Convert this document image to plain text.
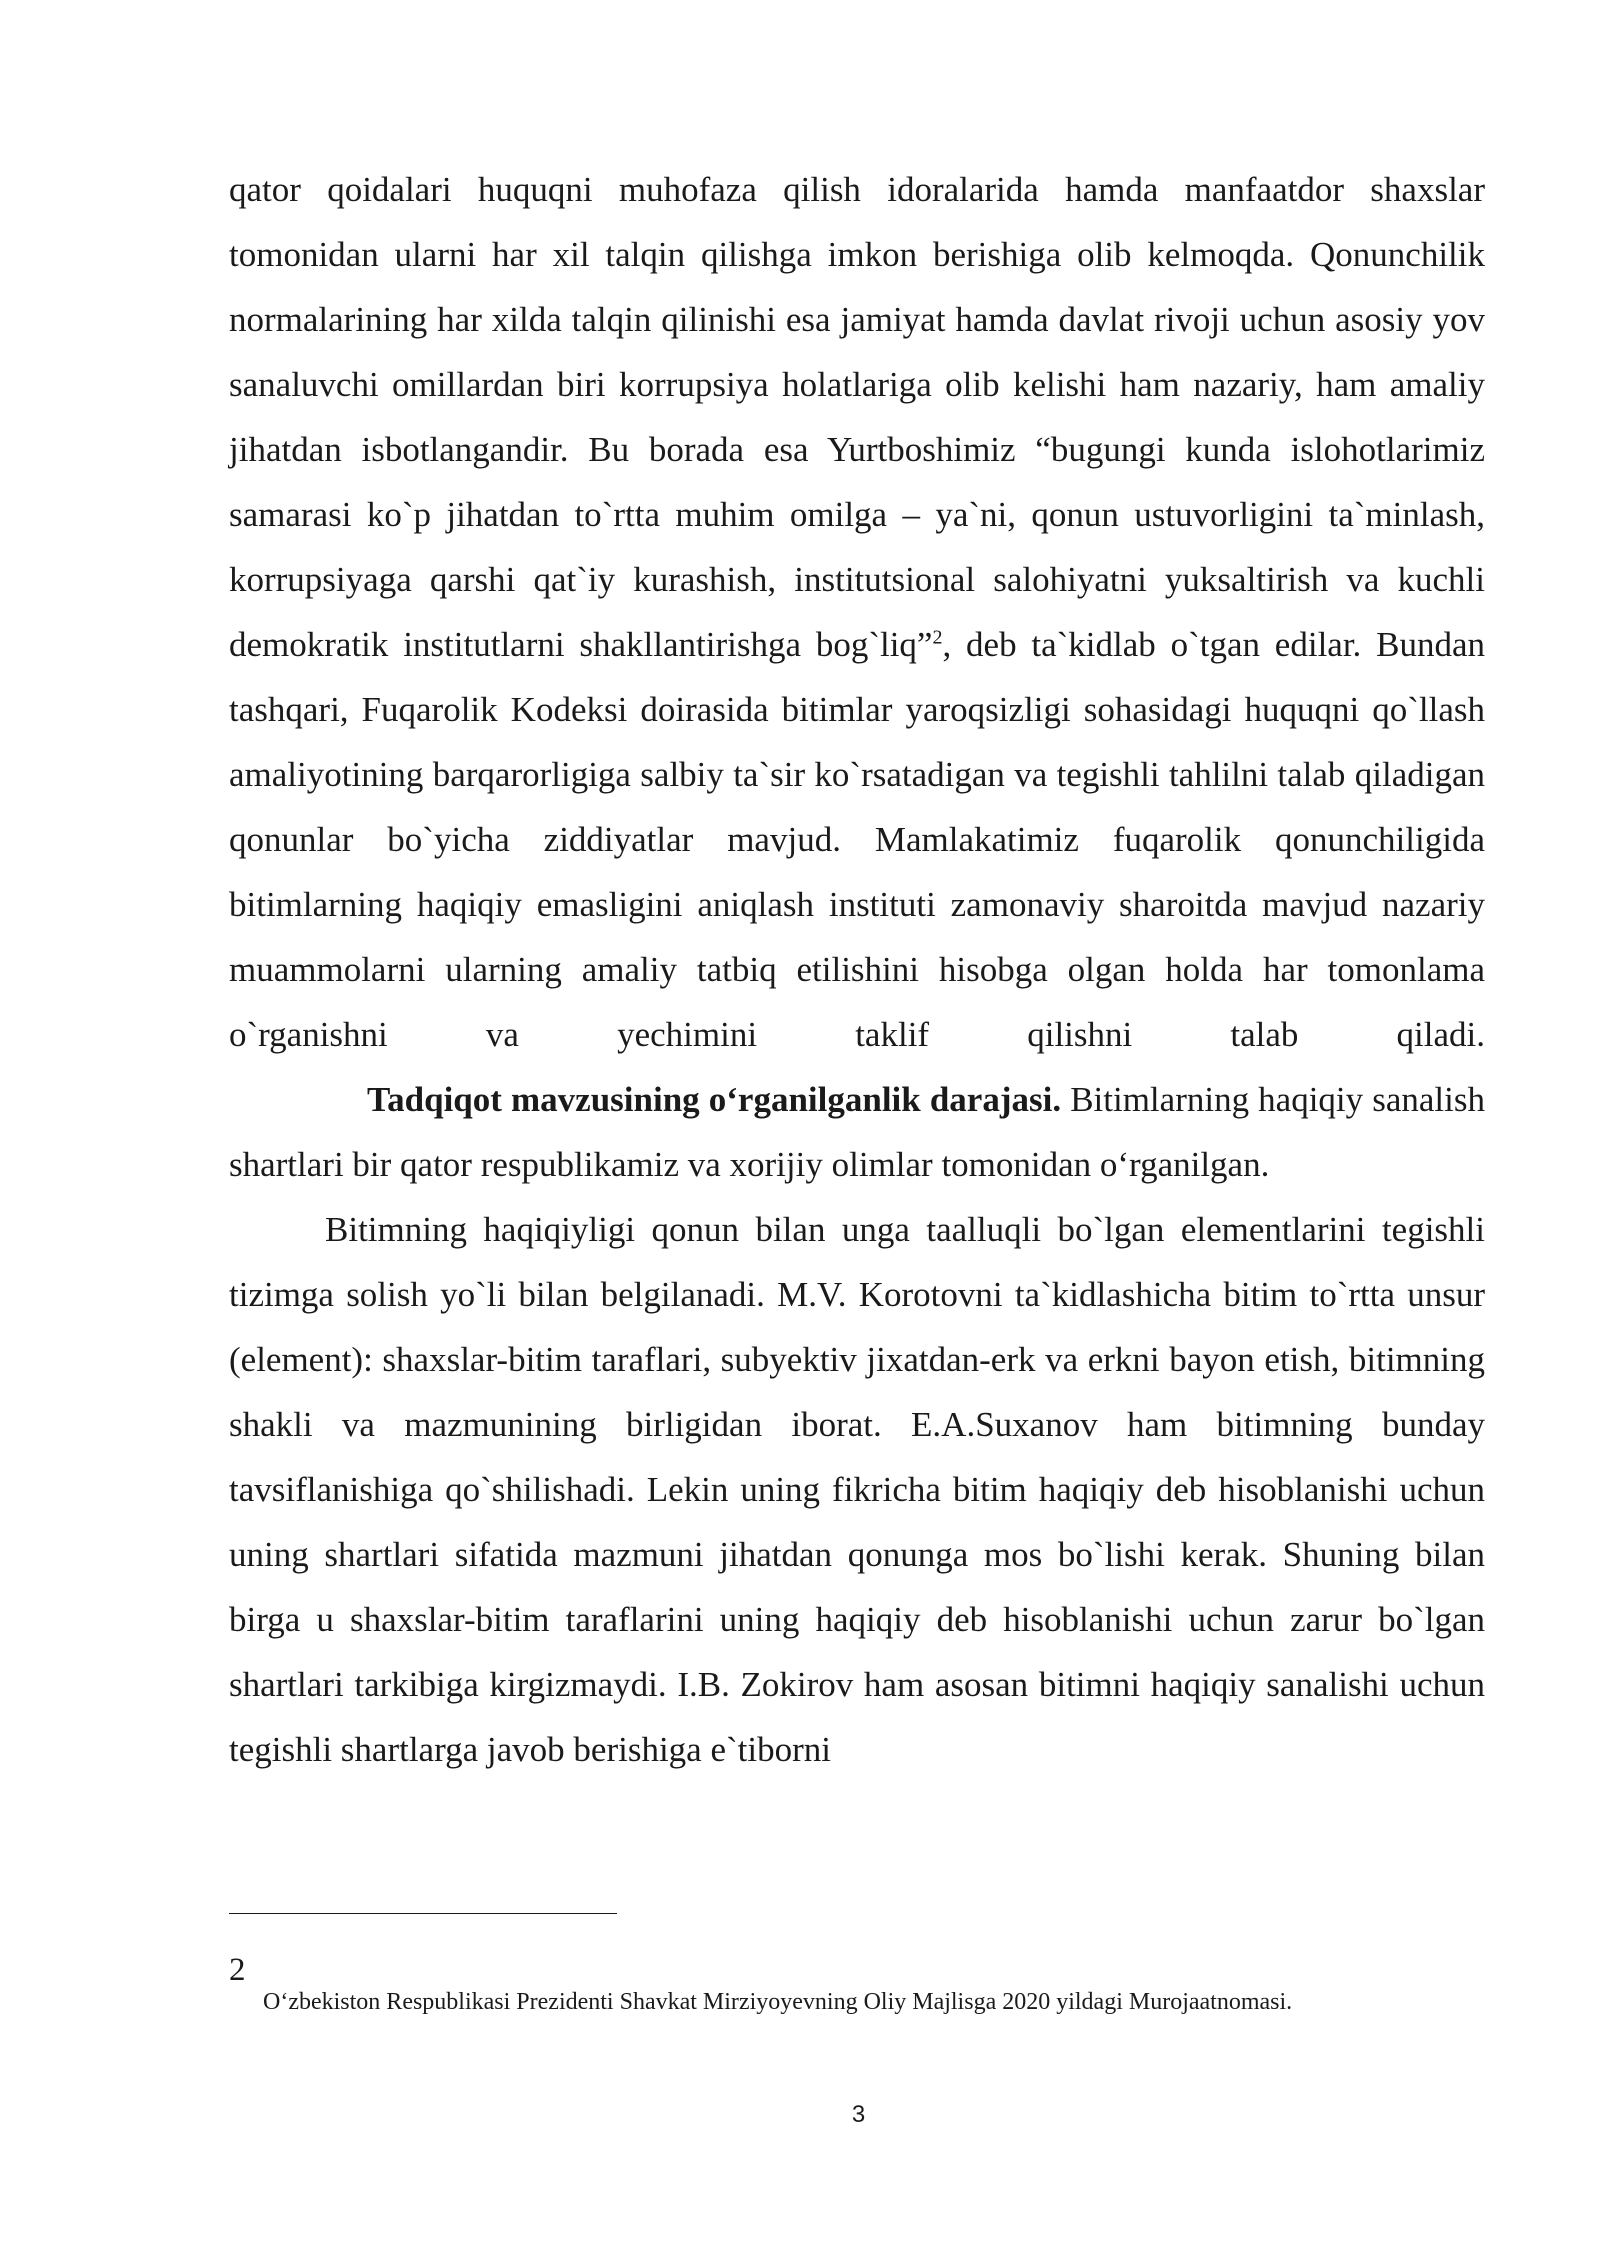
qator qoidalari huquqni muhofaza qilish idoralarida hamda manfaatdor shaxslar tomonidan ularni har xil talqin qilishga imkon berishiga olib kelmoqda. Qonunchilik normalarining har xilda talqin qilinishi esa jamiyat hamda davlat rivoji uchun asosiy yov sanaluvchi omillardan biri korrupsiya holatlariga olib kelishi ham nazariy, ham amaliy jihatdan isbotlangandir. Bu borada esa Yurtboshimiz “bugungi kunda islohotlarimiz samarasi ko`p jihatdan to`rtta muhim omilga – ya`ni, qonun ustuvorligini ta`minlash, korrupsiyaga qarshi qat`iy kurashish, institutsional salohiyatni yuksaltirish va kuchli demokratik institutlarni shakllantirishga bog`liq”$^2$, deb ta`kidlab o`tgan edilar. Bundan tashqari, Fuqarolik Kodeksi doirasida bitimlar yaroqsizligi sohasidagi huquqni qo`llash amaliyotining barqarorligiga salbiy ta`sir ko`rsatadigan va tegishli tahlilni talab qiladigan qonunlar bo`yicha ziddiyatlar mavjud. Mamlakatimiz fuqarolik qonunchiligida bitimlarning haqiqiy emasligini aniqlash instituti zamonaviy sharoitda mavjud nazariy muammolarni ularning amaliy tatbiq etilishini hisobga olgan holda har tomonlama o`rganishni va yechimini taklif qilishni talab qiladi.

Tadqiqot mavzusining o‘rganilganlik darajasi. Bitimlarning haqiqiy sanalish shartlari bir qator respublikamiz va xorijiy olimlar tomonidan o‘rganilgan.

Bitimning haqiqiyligi qonun bilan unga taalluqli bo`lgan elementlarini tegishli tizimga solish yo`li bilan belgilanadi. M.V. Korotovni ta`kidlashicha bitim to`rtta unsur (element): shaxslar-bitim taraflari, subyektiv jixatdan-erk va erkni bayon etish, bitimning shakli va mazmunining birligidan iborat. E.A.Suxanov ham bitimning bunday tavsiflanishiga qo`shilishadi. Lekin uning fikricha bitim haqiqiy deb hisoblanishi uchun uning shartlari sifatida mazmuni jihatdan qonunga mos bo`lishi kerak. Shuning bilan birga u shaxslar-bitim taraflarini uning haqiqiy deb hisoblanishi uchun zarur bo`lgan shartlari tarkibiga kirgizmaydi. I.B. Zokirov ham asosan bitimni haqiqiy sanalishi uchun tegishli shartlarga javob berishiga e`tiborni

2
O‘zbekiston Respublikasi Prezidenti Shavkat Mirziyoyevning Oliy Majlisga 2020 yildagi Murojaatnomasi.
3
